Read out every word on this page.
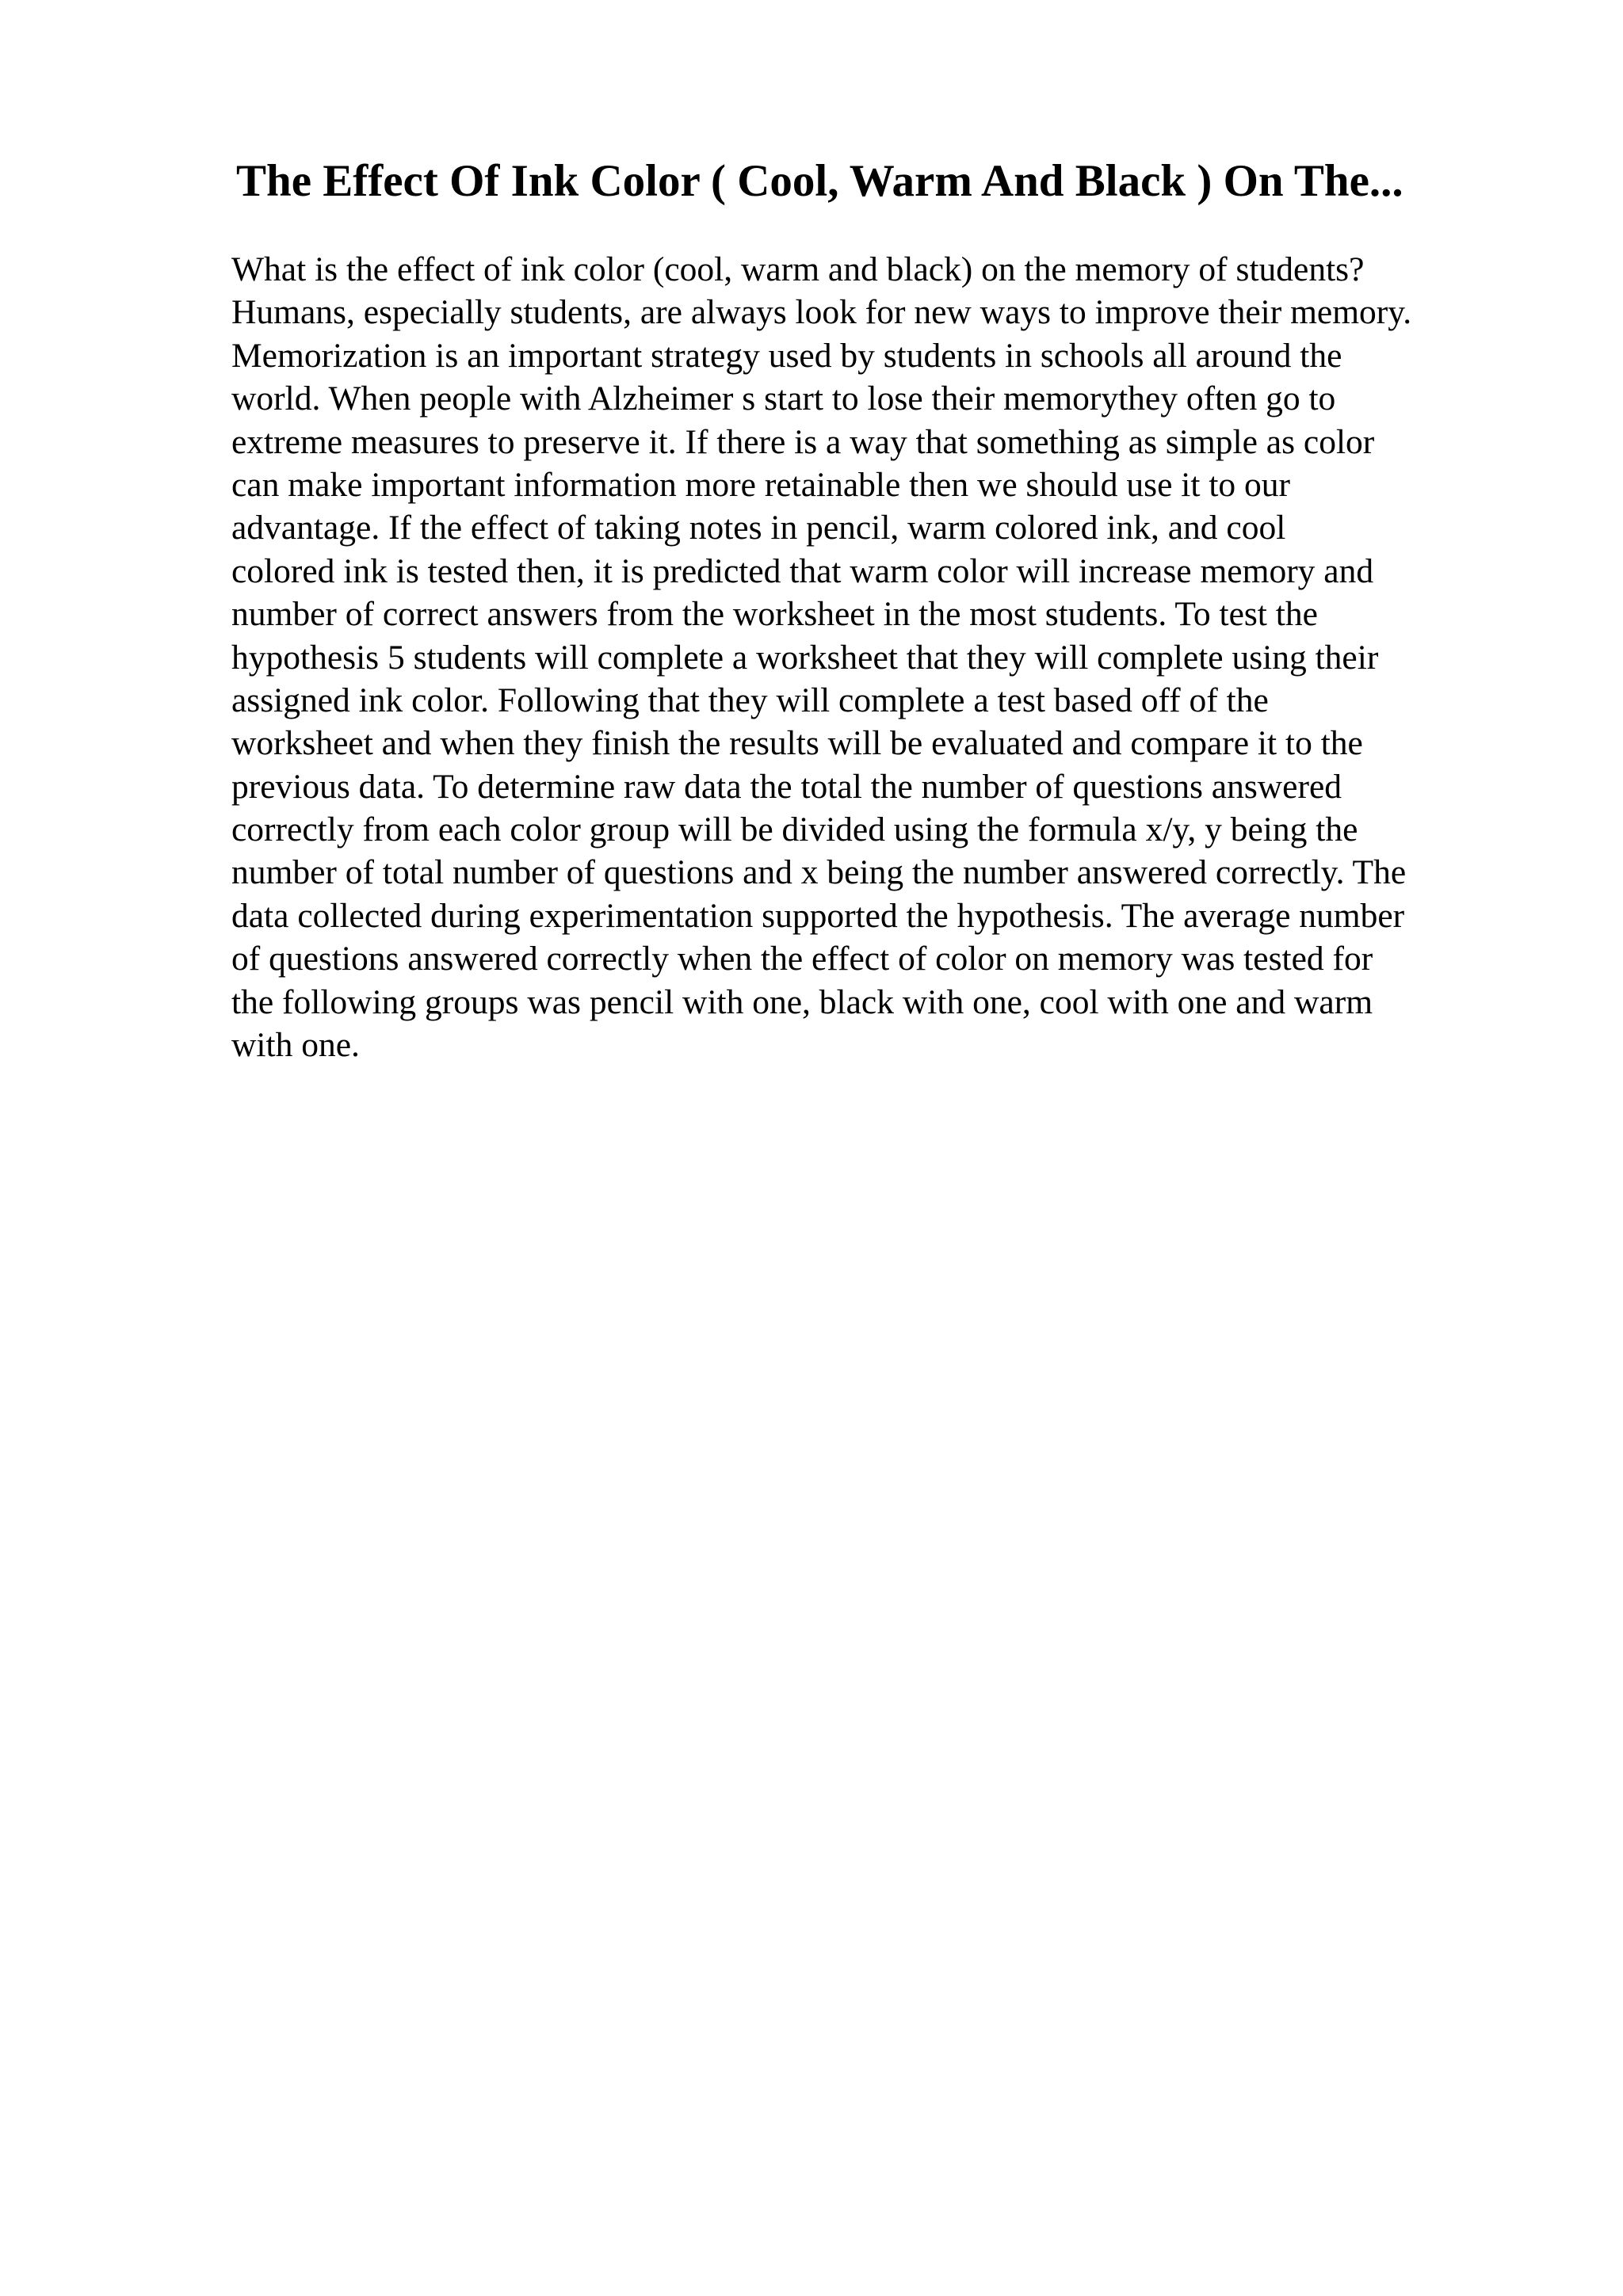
The Effect Of Ink Color ( Cool, Warm And Black ) On The...
What is the effect of ink color (cool, warm and black) on the memory of students?
Humans, especially students, are always look for new ways to improve their memory.
Memorization is an important strategy used by students in schools all around the
world. When people with Alzheimer s start to lose their memorythey often go to
extreme measures to preserve it. If there is a way that something as simple as color
can make important information more retainable then we should use it to our
advantage. If the effect of taking notes in pencil, warm colored ink, and cool
colored ink is tested then, it is predicted that warm color will increase memory and
number of correct answers from the worksheet in the most students. To test the
hypothesis 5 students will complete a worksheet that they will complete using their
assigned ink color. Following that they will complete a test based off of the
worksheet and when they finish the results will be evaluated and compare it to the
previous data. To determine raw data the total the number of questions answered
correctly from each color group will be divided using the formula x/y, y being the
number of total number of questions and x being the number answered correctly. The
data collected during experimentation supported the hypothesis. The average number
of questions answered correctly when the effect of color on memory was tested for
the following groups was pencil with one, black with one, cool with one and warm
with one.
